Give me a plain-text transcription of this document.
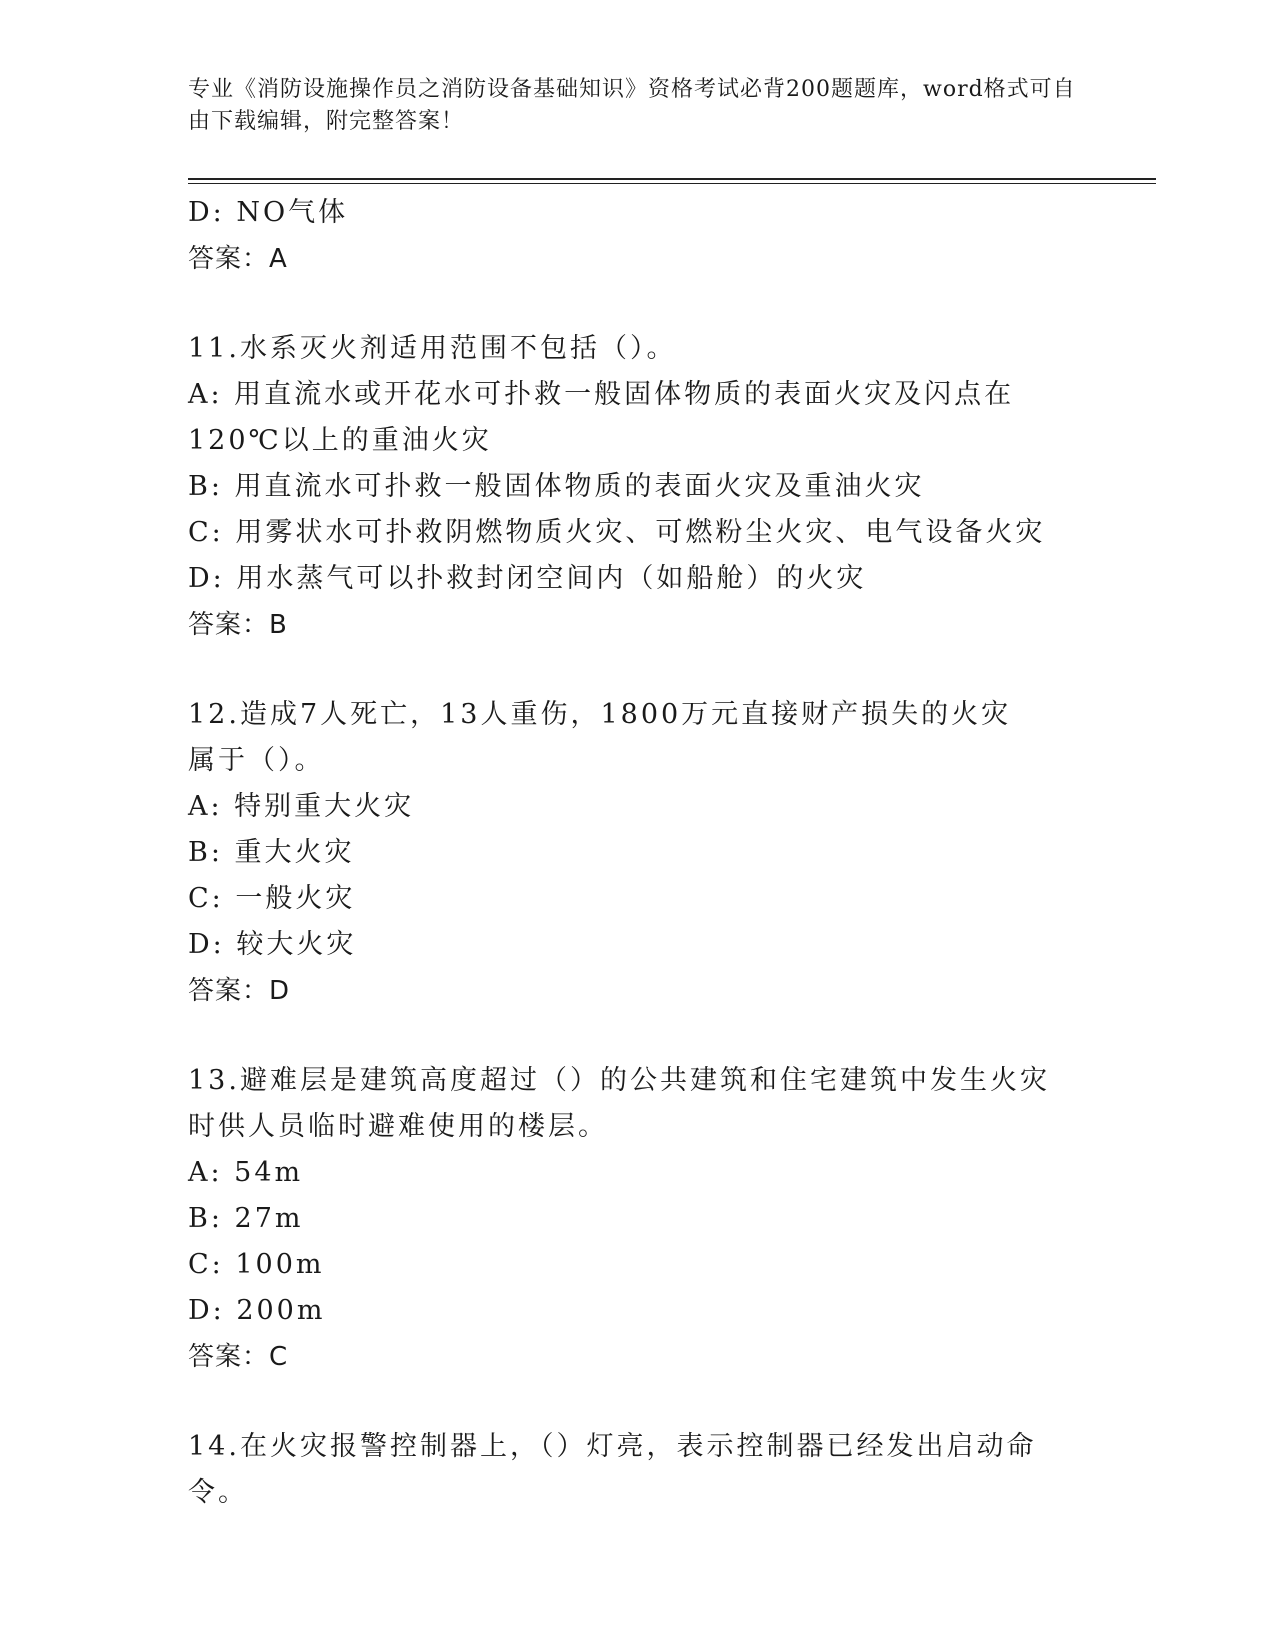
专业《消防设施操作员之消防设备基础知识》资格考试必背200题题库，word格式可自由下载编辑，附完整答案！
D: NO气体
答案：A
11.水系灭火剂适用范围不包括（）。
A: 用直流水或开花水可扑救一般固体物质的表面火灾及闪点在120℃以上的重油火灾
B: 用直流水可扑救一般固体物质的表面火灾及重油火灾
C: 用雾状水可扑救阴燃物质火灾、可燃粉尘火灾、电气设备火灾
D: 用水蒸气可以扑救封闭空间内（如船舱）的火灾
答案：B
12.造成7人死亡，13人重伤，1800万元直接财产损失的火灾属于（）。
A: 特别重大火灾
B: 重大火灾
C: 一般火灾
D: 较大火灾
答案：D
13.避难层是建筑高度超过（）的公共建筑和住宅建筑中发生火灾时供人员临时避难使用的楼层。
A: 54m
B: 27m
C: 100m
D: 200m
答案：C
14.在火灾报警控制器上，（）灯亮，表示控制器已经发出启动命令。
